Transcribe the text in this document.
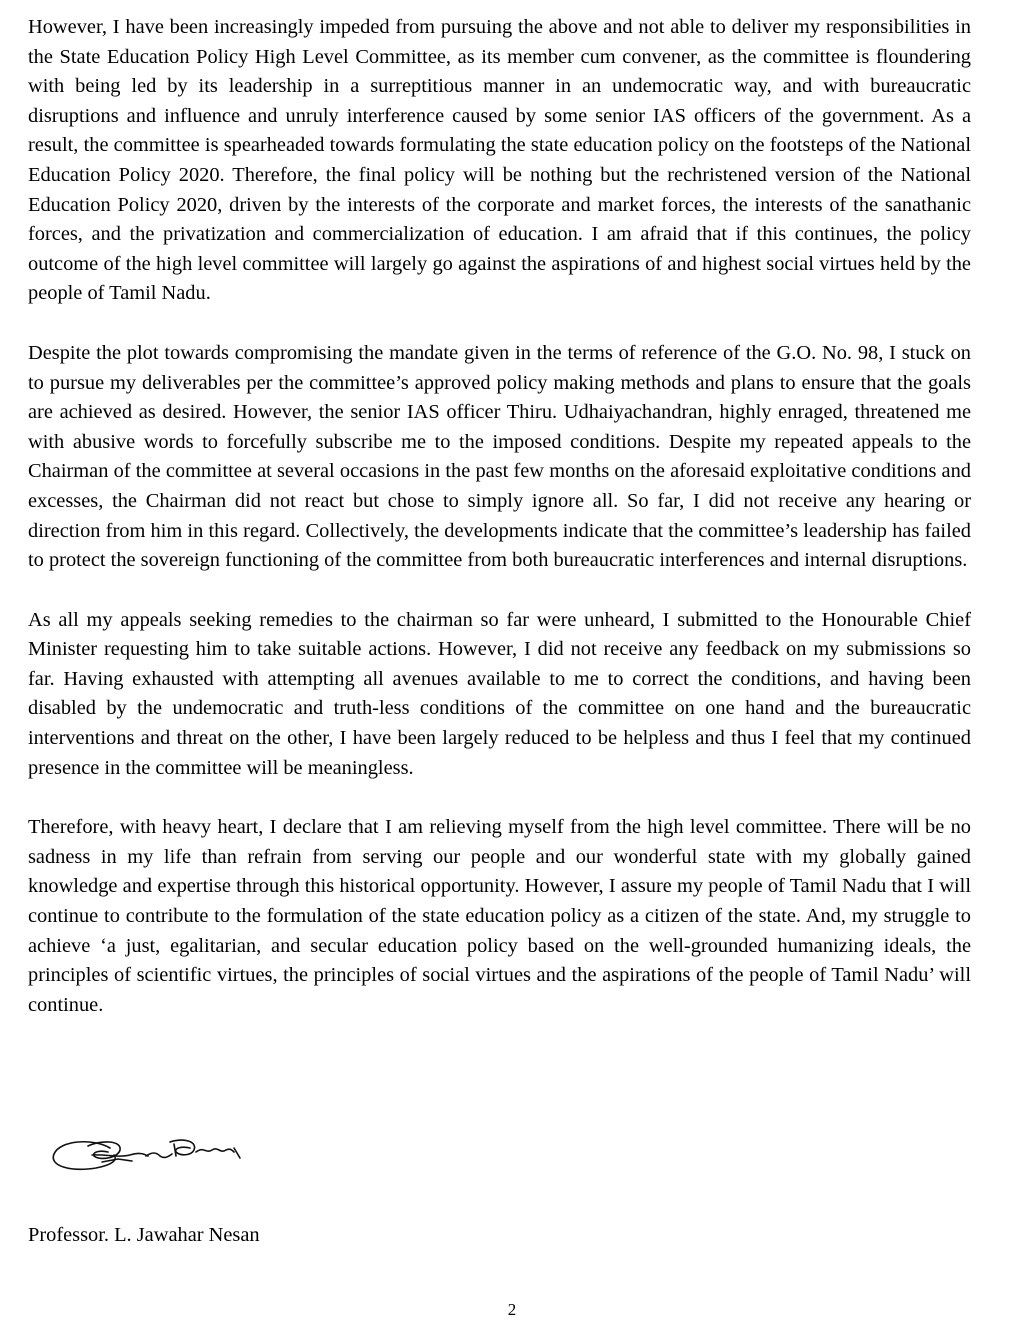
However, I have been increasingly impeded from pursuing the above and not able to deliver my responsibilities in the State Education Policy High Level Committee, as its member cum convener, as the committee is floundering with being led by its leadership in a surreptitious manner in an undemocratic way, and with bureaucratic disruptions and influence and unruly interference caused by some senior IAS officers of the government. As a result, the committee is spearheaded towards formulating the state education policy on the footsteps of the National Education Policy 2020. Therefore, the final policy will be nothing but the rechristened version of the National Education Policy 2020, driven by the interests of the corporate and market forces, the interests of the sanathanic forces, and the privatization and commercialization of education. I am afraid that if this continues, the policy outcome of the high level committee will largely go against the aspirations of and highest social virtues held by the people of Tamil Nadu.

Despite the plot towards compromising the mandate given in the terms of reference of the G.O. No. 98, I stuck on to pursue my deliverables per the committee’s approved policy making methods and plans to ensure that the goals are achieved as desired. However, the senior IAS officer Thiru. Udhaiyachandran, highly enraged, threatened me with abusive words to forcefully subscribe me to the imposed conditions. Despite my repeated appeals to the Chairman of the committee at several occasions in the past few months on the aforesaid exploitative conditions and excesses, the Chairman did not react but chose to simply ignore all. So far, I did not receive any hearing or direction from him in this regard. Collectively, the developments indicate that the committee’s leadership has failed to protect the sovereign functioning of the committee from both bureaucratic interferences and internal disruptions.

As all my appeals seeking remedies to the chairman so far were unheard, I submitted to the Honourable Chief Minister requesting him to take suitable actions. However, I did not receive any feedback on my submissions so far. Having exhausted with attempting all avenues available to me to correct the conditions, and having been disabled by the undemocratic and truth-less conditions of the committee on one hand and the bureaucratic interventions and threat on the other, I have been largely reduced to be helpless and thus I feel that my continued presence in the committee will be meaningless.

Therefore, with heavy heart, I declare that I am relieving myself from the high level committee. There will be no sadness in my life than refrain from serving our people and our wonderful state with my globally gained knowledge and expertise through this historical opportunity. However, I assure my people of Tamil Nadu that I will continue to contribute to the formulation of the state education policy as a citizen of the state. And, my struggle to achieve ‘a just, egalitarian, and secular education policy based on the well-grounded humanizing ideals, the principles of scientific virtues, the principles of social virtues and the aspirations of the people of Tamil Nadu’ will continue.

Professor. L. Jawahar Nesan

2
